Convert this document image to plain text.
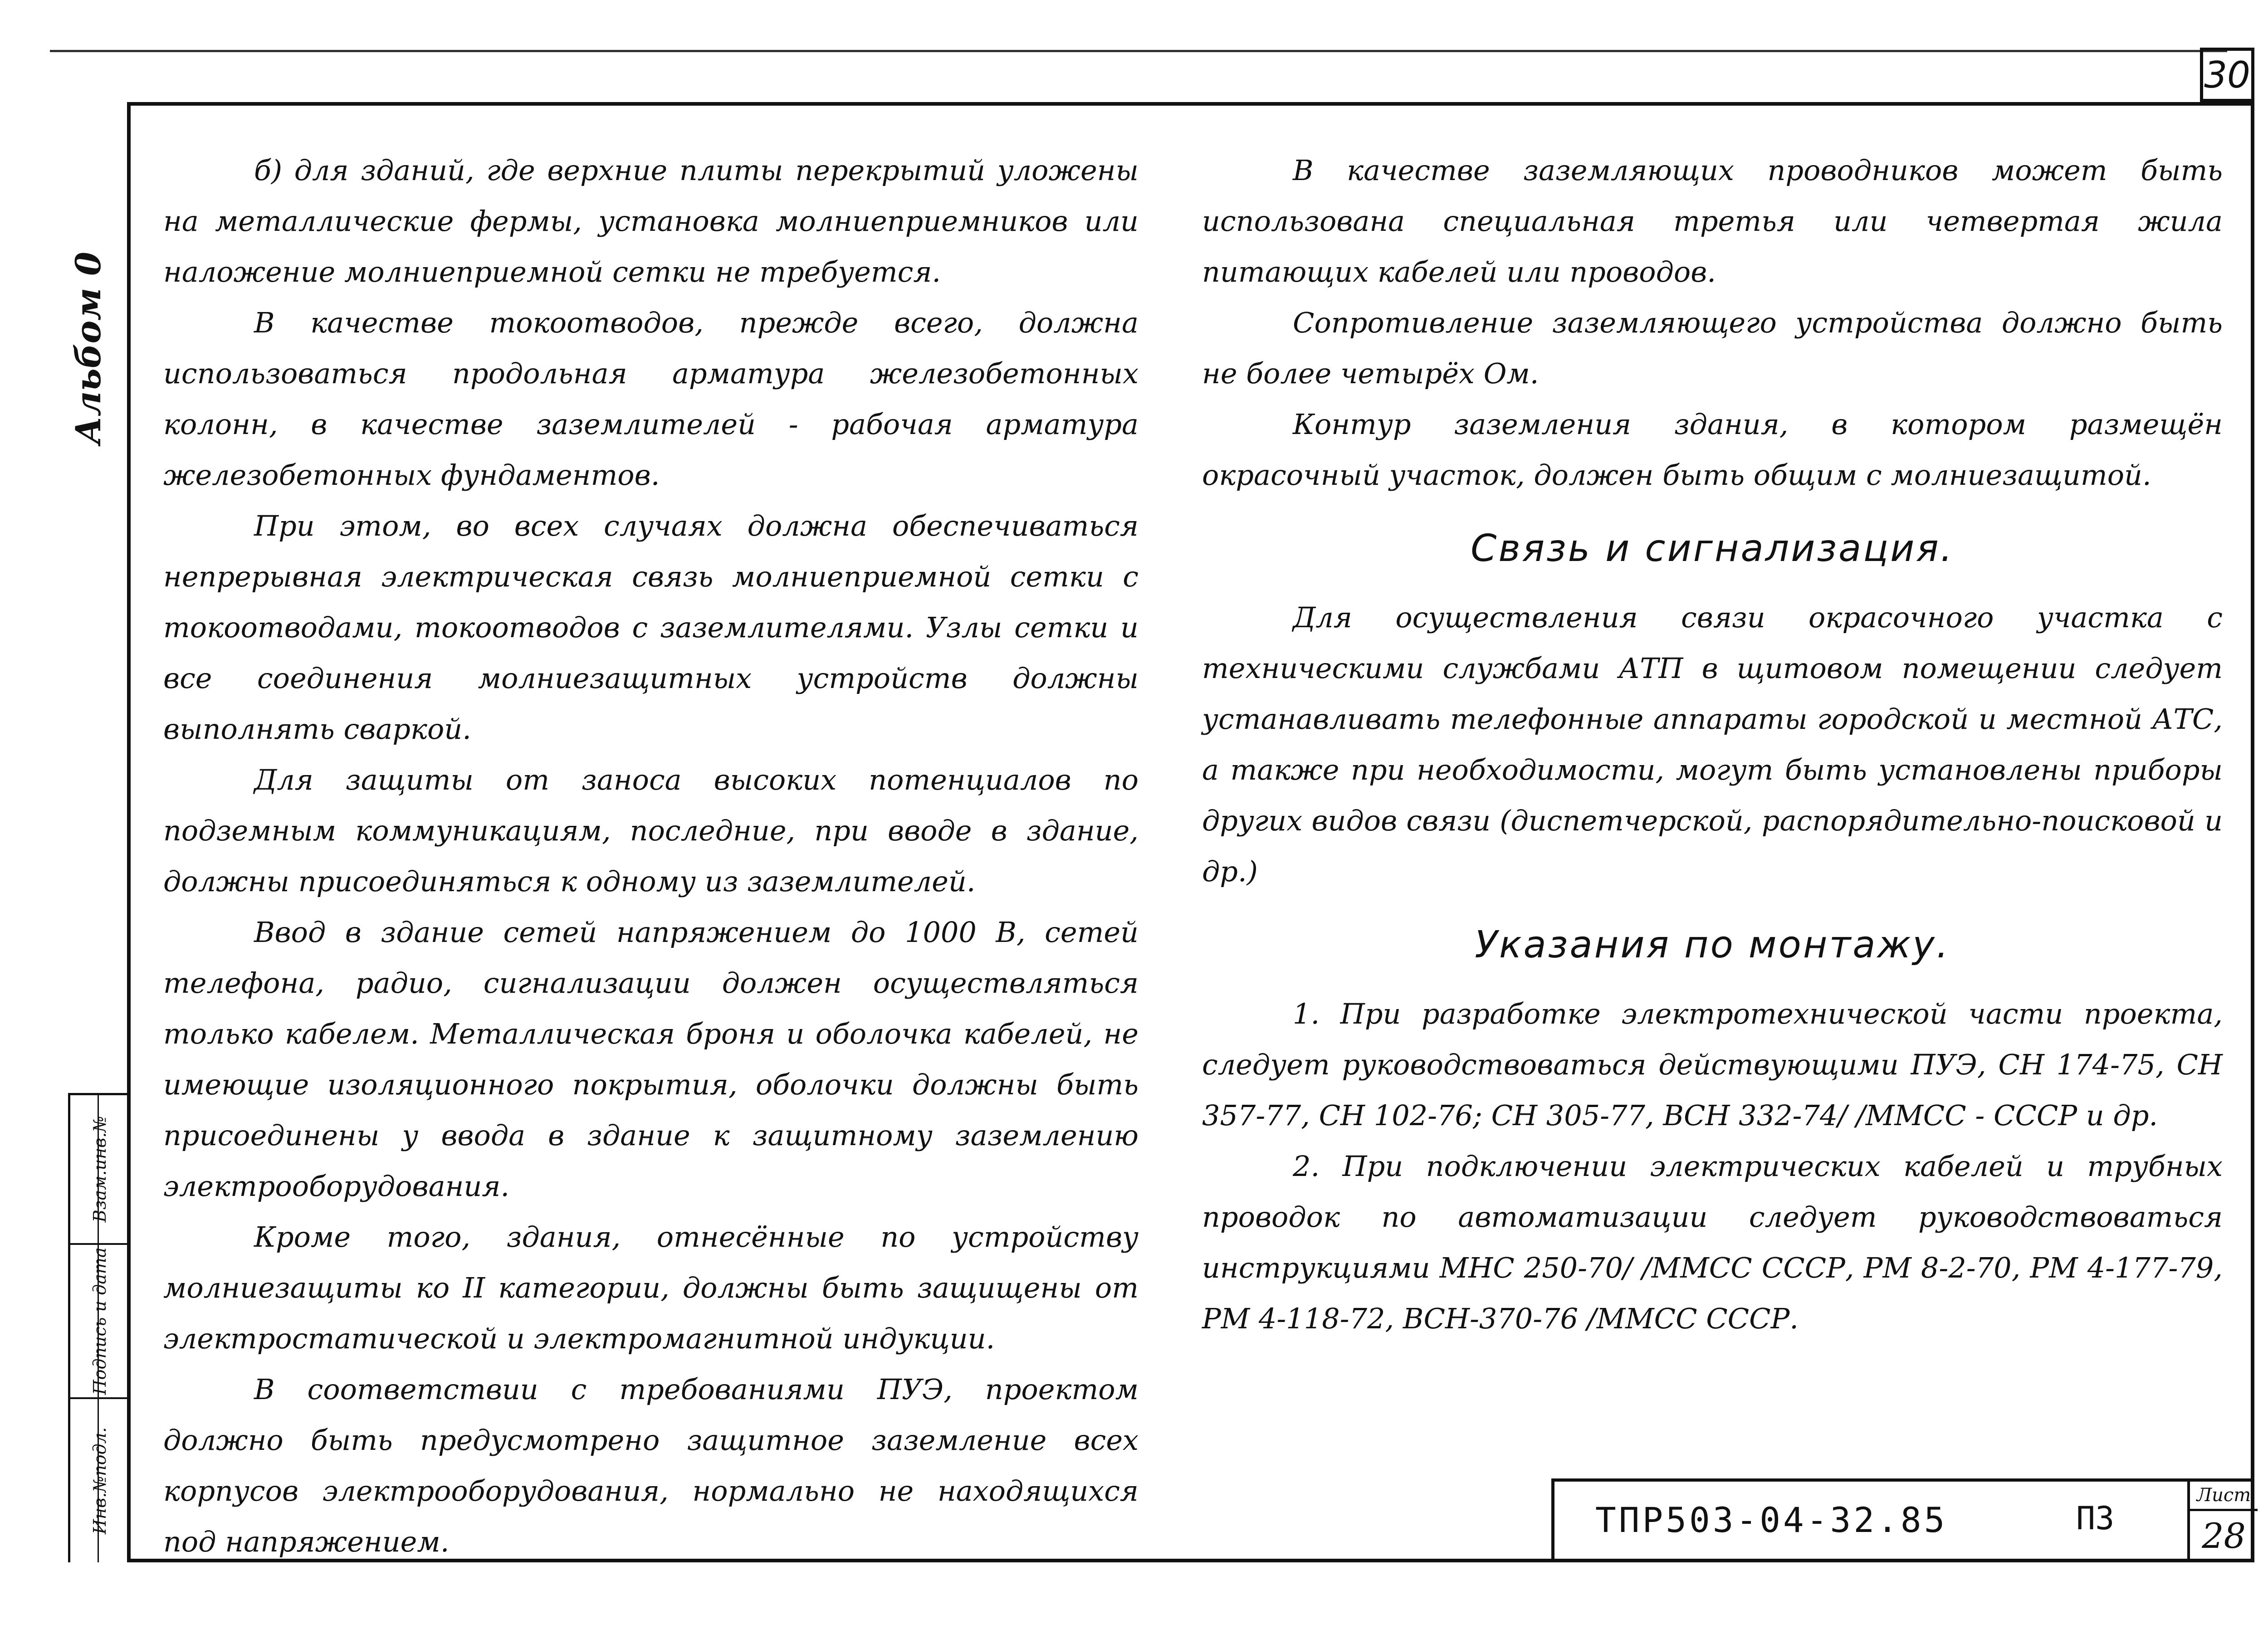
30
Альбом 0
Взам.инв.№
Подпись и дата
Инв.№подл.

б) для зданий, где верхние плиты перекрытий уложены на металлические фермы, установка молниеприемников или наложение молниеприемной сетки не требуется.

В качестве токоотводов, прежде всего, должна использоваться продольная арматура железобетонных колонн, в качестве заземлителей - рабочая арматура железобетонных фундаментов.

При этом, во всех случаях должна обеспечиваться непрерывная электрическая связь молниеприемной сетки с токоотводами, токоотводов с заземлителями. Узлы сетки и все соединения молниезащитных устройств должны выполнять сваркой.

Для защиты от заноса высоких потенциалов по подземным коммуникациям, последние, при вводе в здание, должны присоединяться к одному из заземлителей.

Ввод в здание сетей напряжением до 1000 В, сетей телефона, радио, сигнализации должен осуществляться только кабелем. Металлическая броня и оболочка кабелей, не имеющие изоляционного покрытия, оболочки должны быть присоединены у ввода в здание к защитному заземлению электрооборудования.

Кроме того, здания, отнесённые по устройству молниезащиты ко II категории, должны быть защищены от электростатической и электромагнитной индукции.

В соответствии с требованиями ПУЭ, проектом должно быть предусмотрено защитное заземление всех корпусов электрооборудования, нормально не находящихся под напряжением.

В качестве заземляющих проводников может быть использована специальная третья или четвертая жила питающих кабелей или проводов.

Сопротивление заземляющего устройства должно быть не более четырёх Ом.

Контур заземления здания, в котором размещён окрасочный участок, должен быть общим с молниезащитой.

Связь и сигнализация.

Для осуществления связи окрасочного участка с техническими службами АТП в щитовом помещении следует устанавливать телефонные аппараты городской и местной АТС, а также при необходимости, могут быть установлены приборы других видов связи (диспетчерской, распорядительно-поисковой и др.)

Указания по монтажу.

1. При разработке электротехнической части проекта, следует руководствоваться действующими ПУЭ, СН 174-75, СН 357-77, СН 102-76; СН 305-77, ВСН 332-74/ /ММСС - СССР и др.

2. При подключении электрических кабелей и трубных проводок по автоматизации следует руководствоваться инструкциями МНС 250-70/ /ММСС СССР, РМ 8-2-70, РМ 4-177-79, РМ 4-118-72, ВСН-370-76 /ММСС СССР.

ТПР503-04-32.85	ПЗ
Лист
28
